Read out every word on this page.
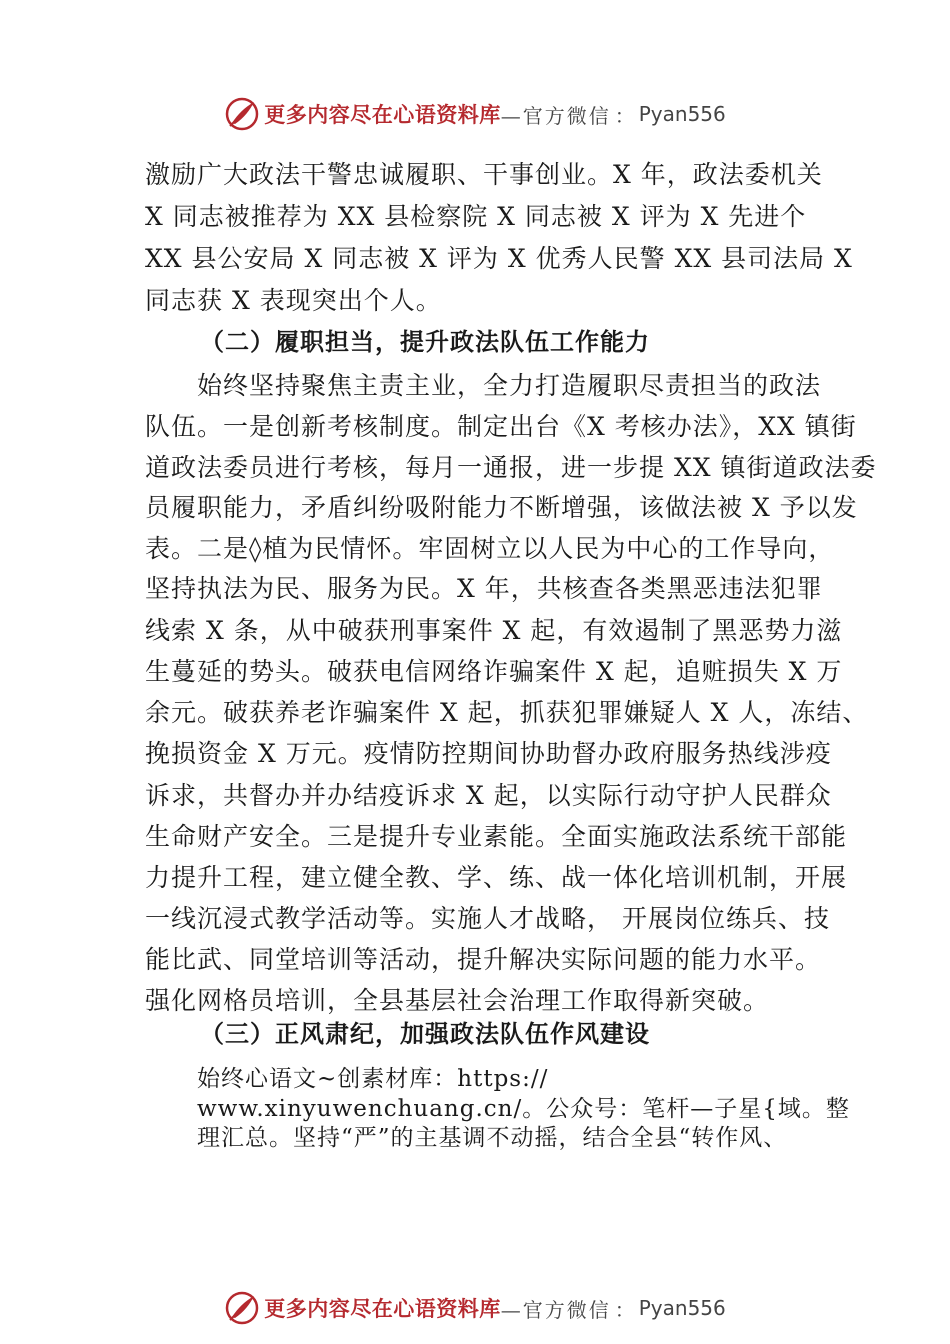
更多内容尽在心语资料库 —官方微信 ： Pyan556
激励广大政法干警忠诚履职、干事创业。X 年，政法委机关
X 同志被推荐为 XX 县检察院 X 同志被 X 评为 X 先进个
XX 县公安局 X 同志被 X 评为 X 优秀人民警 XX 县司法局 X
同志获 X 表现突出个人。
（二）履职担当，提升政法队伍工作能力
始终坚持聚焦主责主业，全力打造履职尽责担当的政法
队伍。一是创新考核制度。制定出台《X 考核办法》，XX 镇街
道政法委员进行考核，每月一通报，进一步提 XX 镇街道政法委
员履职能力，矛盾纠纷吸附能力不断增强，该做法被 X 予以发
表。二是◊植为民情怀。牢固树立以人民为中心的工作导向，
坚持执法为民、服务为民。X 年，共核查各类黑恶违法犯罪
线索 X 条，从中破获刑事案件 X 起，有效遏制了黑恶势力滋
生蔓延的势头。破获电信网络诈骗案件 X 起，追赃损失 X 万
余元。破获养老诈骗案件 X 起，抓获犯罪嫌疑人 X 人，冻结、
挽损资金 X 万元。疫情防控期间协助督办政府服务热线涉疫
诉求，共督办并办结疫诉求 X 起，以实际行动守护人民群众
生命财产安全。三是提升专业素能。全面实施政法系统干部能
力提升工程，建立健全教、学、练、战一体化培训机制，开展
一线沉浸式教学活动等。实施人才战略， 开展岗位练兵、技
能比武、同堂培训等活动，提升解决实际问题的能力水平。
强化网格员培训，全县基层社会治理工作取得新突破。
（三）正风肃纪，加强政法队伍作风建设
始终心语文~创素材库：https://
www.xinyuwenchuang.cn/。公众号：笔杆—子星{域。整
理汇总。坚持“严”的主基调不动摇，结合全县“转作风、
更多内容尽在心语资料库 —官方微信 ： Pyan556
